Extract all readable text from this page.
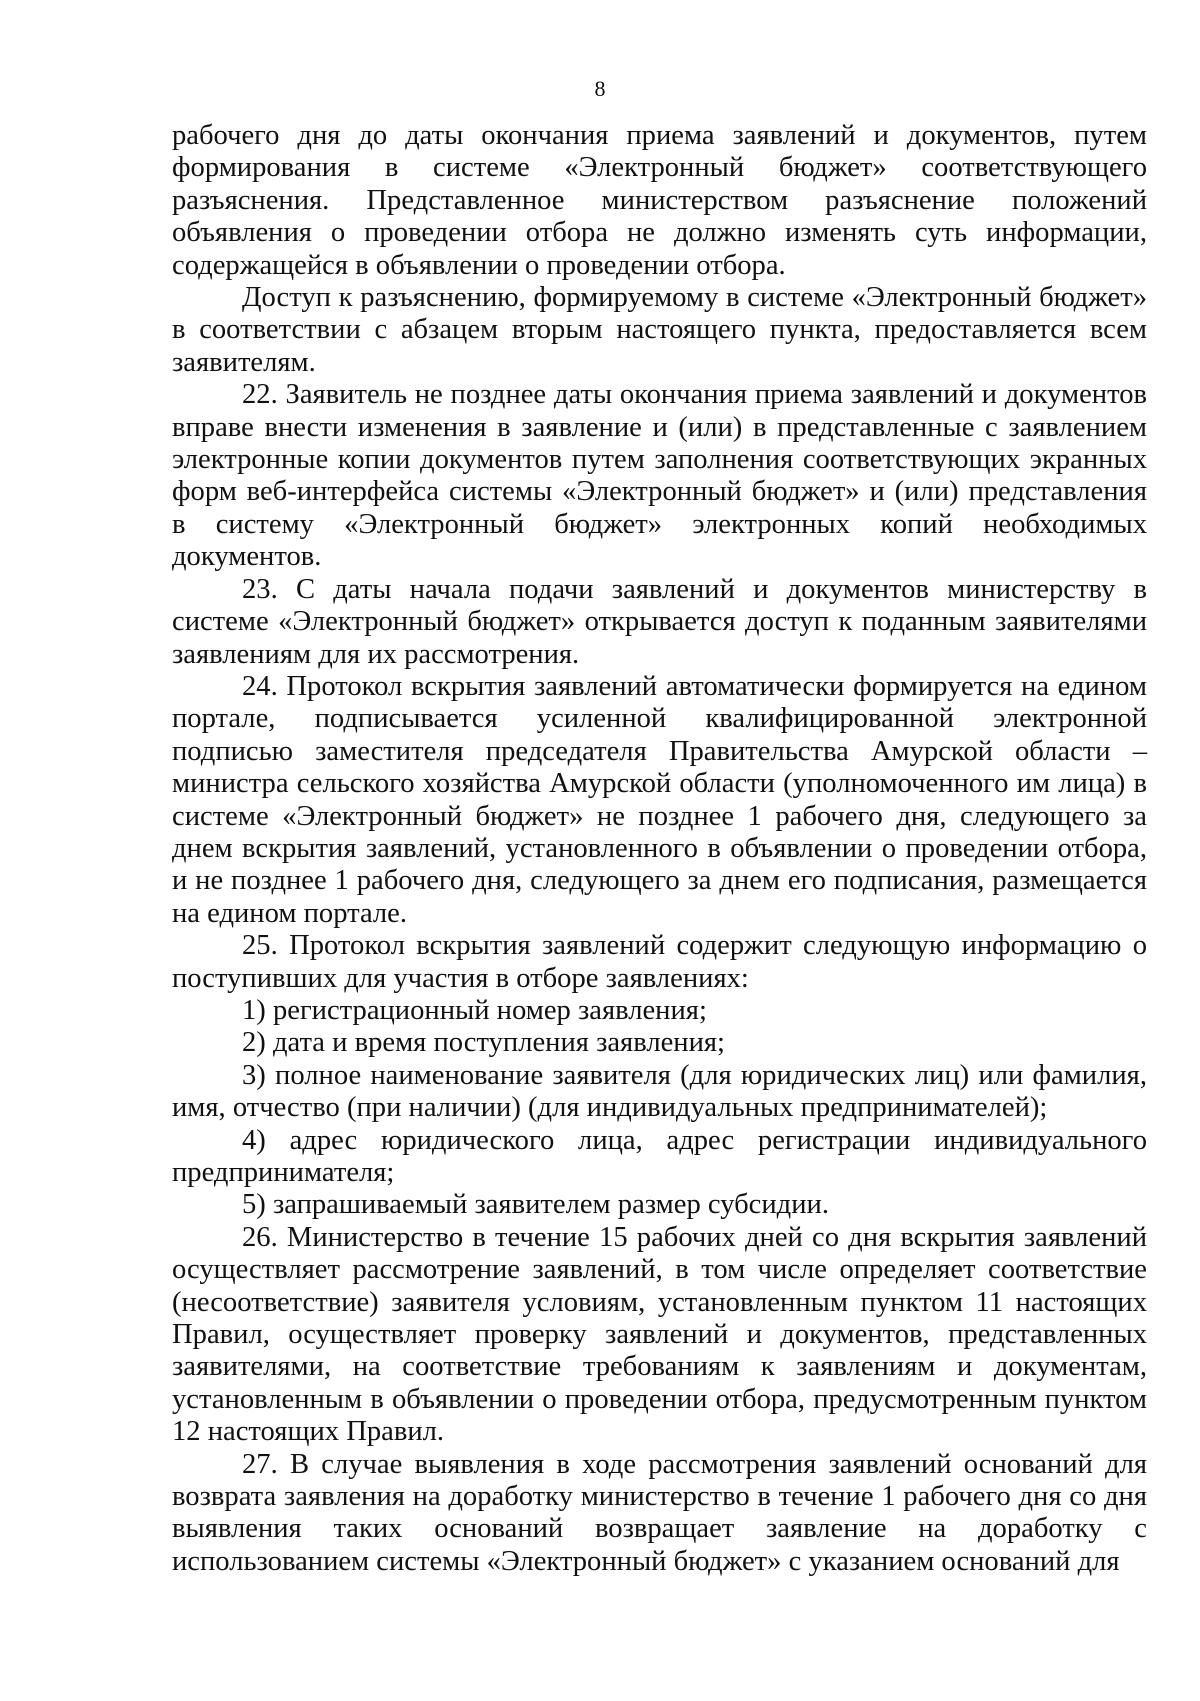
8

рабочего дня до даты окончания приема заявлений и документов, путем формирования в системе «Электронный бюджет» соответствующего разъяснения. Представленное министерством разъяснение положений объявления о проведении отбора не должно изменять суть информации, содержащейся в объявлении о проведении отбора.

Доступ к разъяснению, формируемому в системе «Электронный бюджет» в соответствии с абзацем вторым настоящего пункта, предоставляется всем заявителям.

22. Заявитель не позднее даты окончания приема заявлений и документов вправе внести изменения в заявление и (или) в представленные с заявлением электронные копии документов путем заполнения соответствующих экранных форм веб-интерфейса системы «Электронный бюджет» и (или) представления в систему «Электронный бюджет» электронных копий необходимых документов.

23. С даты начала подачи заявлений и документов министерству в системе «Электронный бюджет» открывается доступ к поданным заявителями заявлениям для их рассмотрения.

24. Протокол вскрытия заявлений автоматически формируется на едином портале, подписывается усиленной квалифицированной электронной подписью заместителя председателя Правительства Амурской области – министра сельского хозяйства Амурской области (уполномоченного им лица) в системе «Электронный бюджет» не позднее 1 рабочего дня, следующего за днем вскрытия заявлений, установленного в объявлении о проведении отбора, и не позднее 1 рабочего дня, следующего за днем его подписания, размещается на едином портале.

25. Протокол вскрытия заявлений содержит следующую информацию о поступивших для участия в отборе заявлениях:

1) регистрационный номер заявления;

2) дата и время поступления заявления;

3) полное наименование заявителя (для юридических лиц) или фамилия, имя, отчество (при наличии) (для индивидуальных предпринимателей);

4) адрес юридического лица, адрес регистрации индивидуального предпринимателя;

5) запрашиваемый заявителем размер субсидии.

26. Министерство в течение 15 рабочих дней со дня вскрытия заявлений осуществляет рассмотрение заявлений, в том числе определяет соответствие (несоответствие) заявителя условиям, установленным пунктом 11 настоящих Правил, осуществляет проверку заявлений и документов, представленных заявителями, на соответствие требованиям к заявлениям и документам, установленным в объявлении о проведении отбора, предусмотренным пунктом 12 настоящих Правил.

27. В случае выявления в ходе рассмотрения заявлений оснований для возврата заявления на доработку министерство в течение 1 рабочего дня со дня выявления таких оснований возвращает заявление на доработку с использованием системы «Электронный бюджет» с указанием оснований для
